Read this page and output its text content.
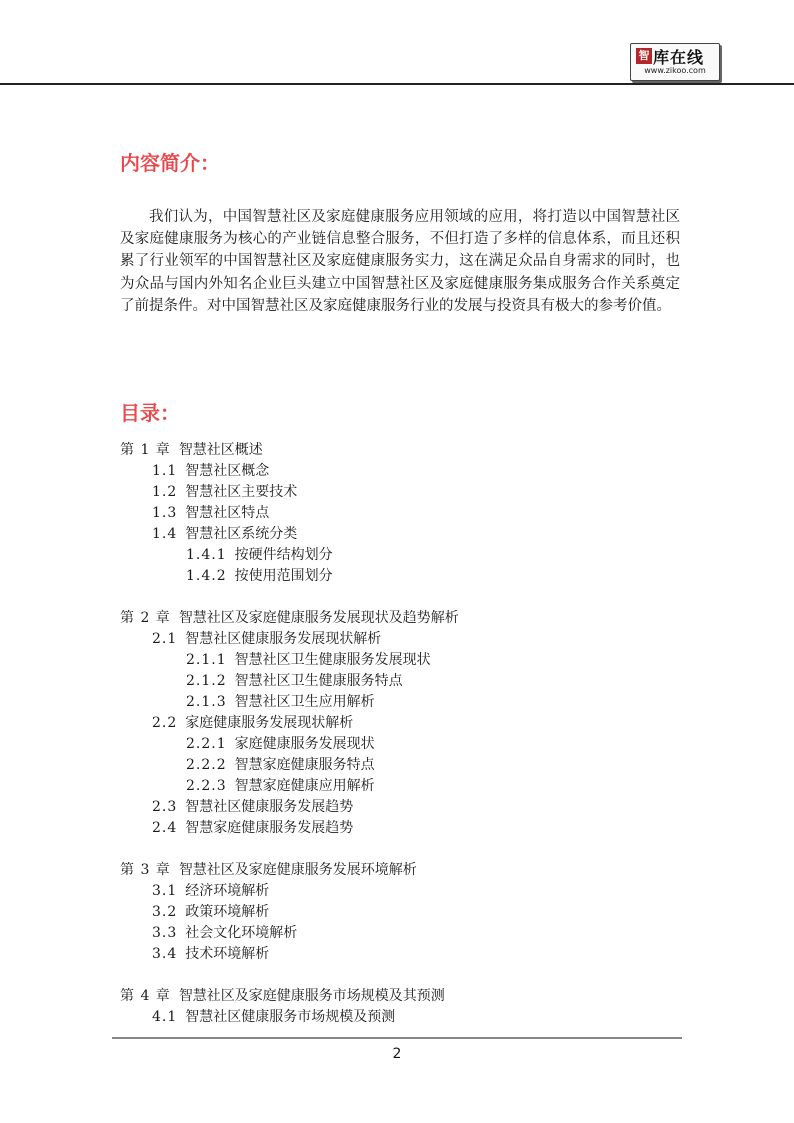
智 库在线
www.zikoo.com
内容简介：

我们认为，中国智慧社区及家庭健康服务应用领域的应用，将打造以中国智慧社区及家庭健康服务为核心的产业链信息整合服务，不但打造了多样的信息体系，而且还积累了行业领军的中国智慧社区及家庭健康服务实力，这在满足众品自身需求的同时，也为众品与国内外知名企业巨头建立中国智慧社区及家庭健康服务集成服务合作关系奠定了前提条件。对中国智慧社区及家庭健康服务行业的发展与投资具有极大的参考价值。

目录：
第 1 章 智慧社区概述
1.1 智慧社区概念
1.2 智慧社区主要技术
1.3 智慧社区特点
1.4 智慧社区系统分类
1.4.1 按硬件结构划分
1.4.2 按使用范围划分
第 2 章 智慧社区及家庭健康服务发展现状及趋势解析
2.1 智慧社区健康服务发展现状解析
2.1.1 智慧社区卫生健康服务发展现状
2.1.2 智慧社区卫生健康服务特点
2.1.3 智慧社区卫生应用解析
2.2 家庭健康服务发展现状解析
2.2.1 家庭健康服务发展现状
2.2.2 智慧家庭健康服务特点
2.2.3 智慧家庭健康应用解析
2.3 智慧社区健康服务发展趋势
2.4 智慧家庭健康服务发展趋势
第 3 章 智慧社区及家庭健康服务发展环境解析
3.1 经济环境解析
3.2 政策环境解析
3.3 社会文化环境解析
3.4 技术环境解析
第 4 章 智慧社区及家庭健康服务市场规模及其预测
4.1 智慧社区健康服务市场规模及预测
2
